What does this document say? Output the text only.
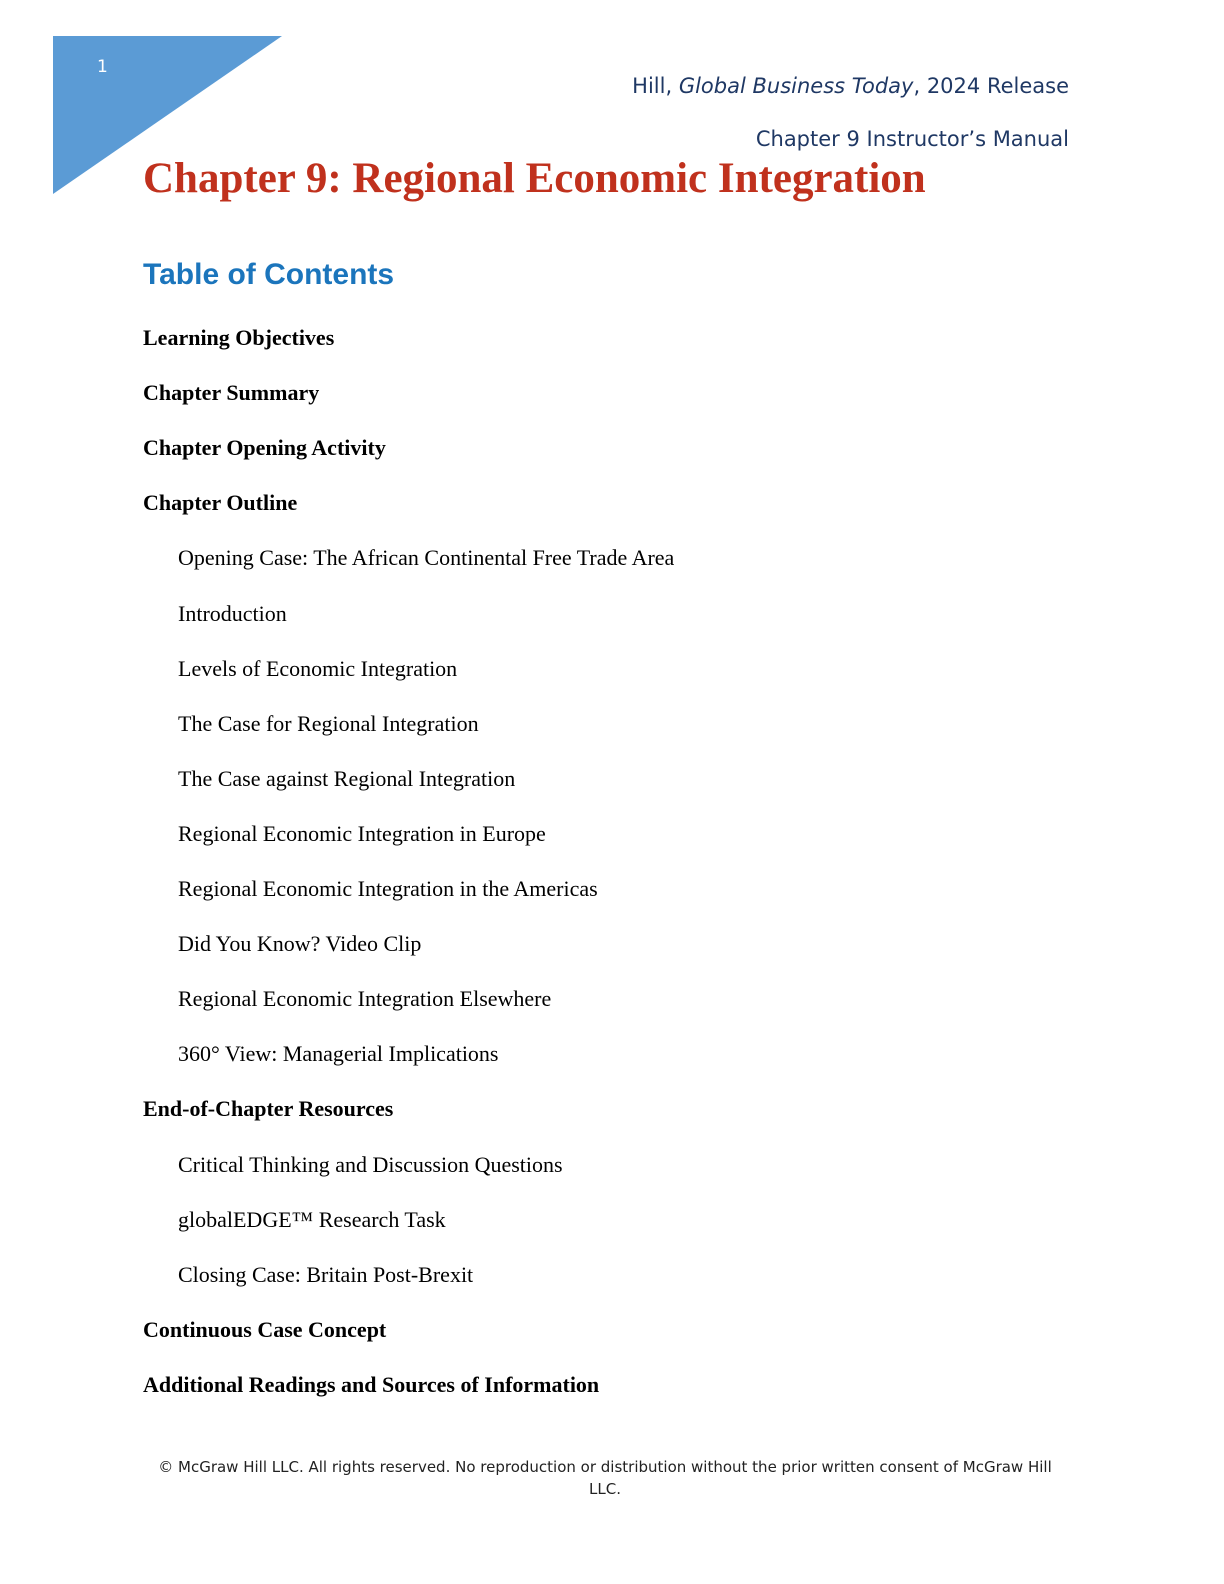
1
Hill, Global Business Today, 2024 Release
Chapter 9 Instructor’s Manual
Chapter 9: Regional Economic Integration
Table of Contents
Learning Objectives
Chapter Summary
Chapter Opening Activity
Chapter Outline
Opening Case: The African Continental Free Trade Area
Introduction
Levels of Economic Integration
The Case for Regional Integration
The Case against Regional Integration
Regional Economic Integration in Europe
Regional Economic Integration in the Americas
Did You Know? Video Clip
Regional Economic Integration Elsewhere
360° View: Managerial Implications
End-of-Chapter Resources
Critical Thinking and Discussion Questions
globalEDGE™ Research Task
Closing Case: Britain Post-Brexit
Continuous Case Concept
Additional Readings and Sources of Information
© McGraw Hill LLC. All rights reserved. No reproduction or distribution without the prior written consent of McGraw Hill
LLC.
